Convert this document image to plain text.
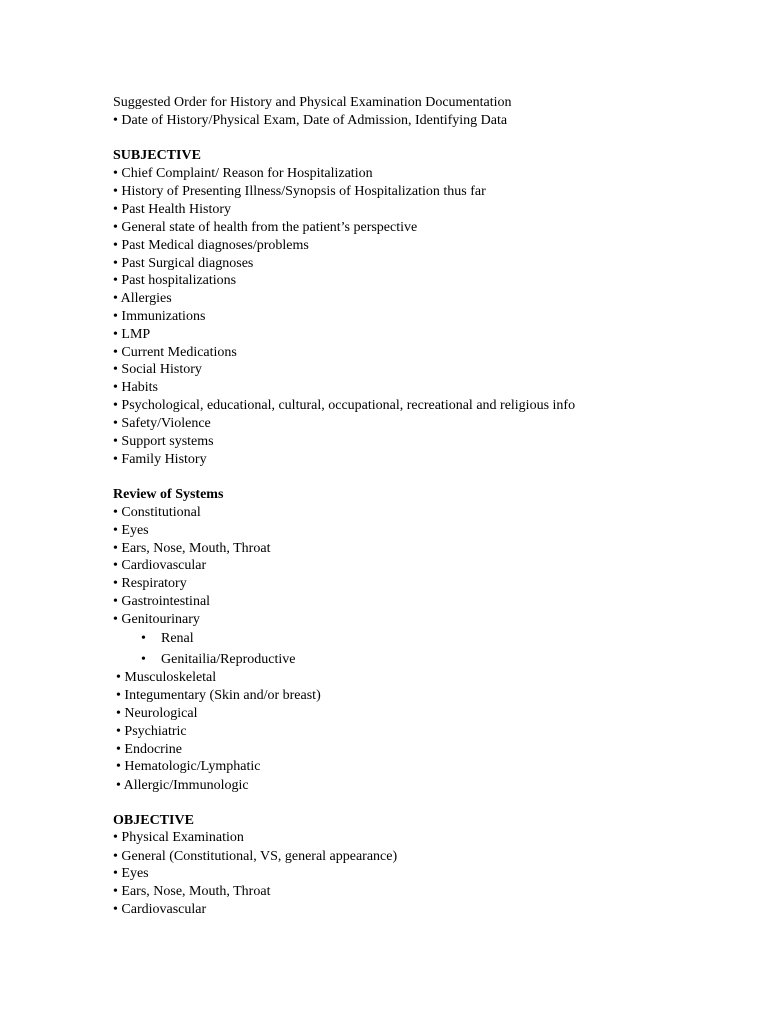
Suggested Order for History and Physical Examination Documentation
• Date of History/Physical Exam, Date of Admission, Identifying Data
SUBJECTIVE
• Chief Complaint/ Reason for Hospitalization
• History of Presenting Illness/Synopsis of Hospitalization thus far
• Past Health History
• General state of health from the patient’s perspective
• Past Medical diagnoses/problems
• Past Surgical diagnoses
• Past hospitalizations
• Allergies
• Immunizations
• LMP
• Current Medications
• Social History
• Habits
• Psychological, educational, cultural, occupational, recreational and religious info
• Safety/Violence
• Support systems
• Family History
Review of Systems
• Constitutional
• Eyes
• Ears, Nose, Mouth, Throat
• Cardiovascular
• Respiratory
• Gastrointestinal
• Genitourinary
• Renal
• Genitailia/Reproductive
• Musculoskeletal
• Integumentary (Skin and/or breast)
• Neurological
• Psychiatric
• Endocrine
• Hematologic/Lymphatic
• Allergic/Immunologic
OBJECTIVE
• Physical Examination
• General (Constitutional, VS, general appearance)
• Eyes
• Ears, Nose, Mouth, Throat
• Cardiovascular
